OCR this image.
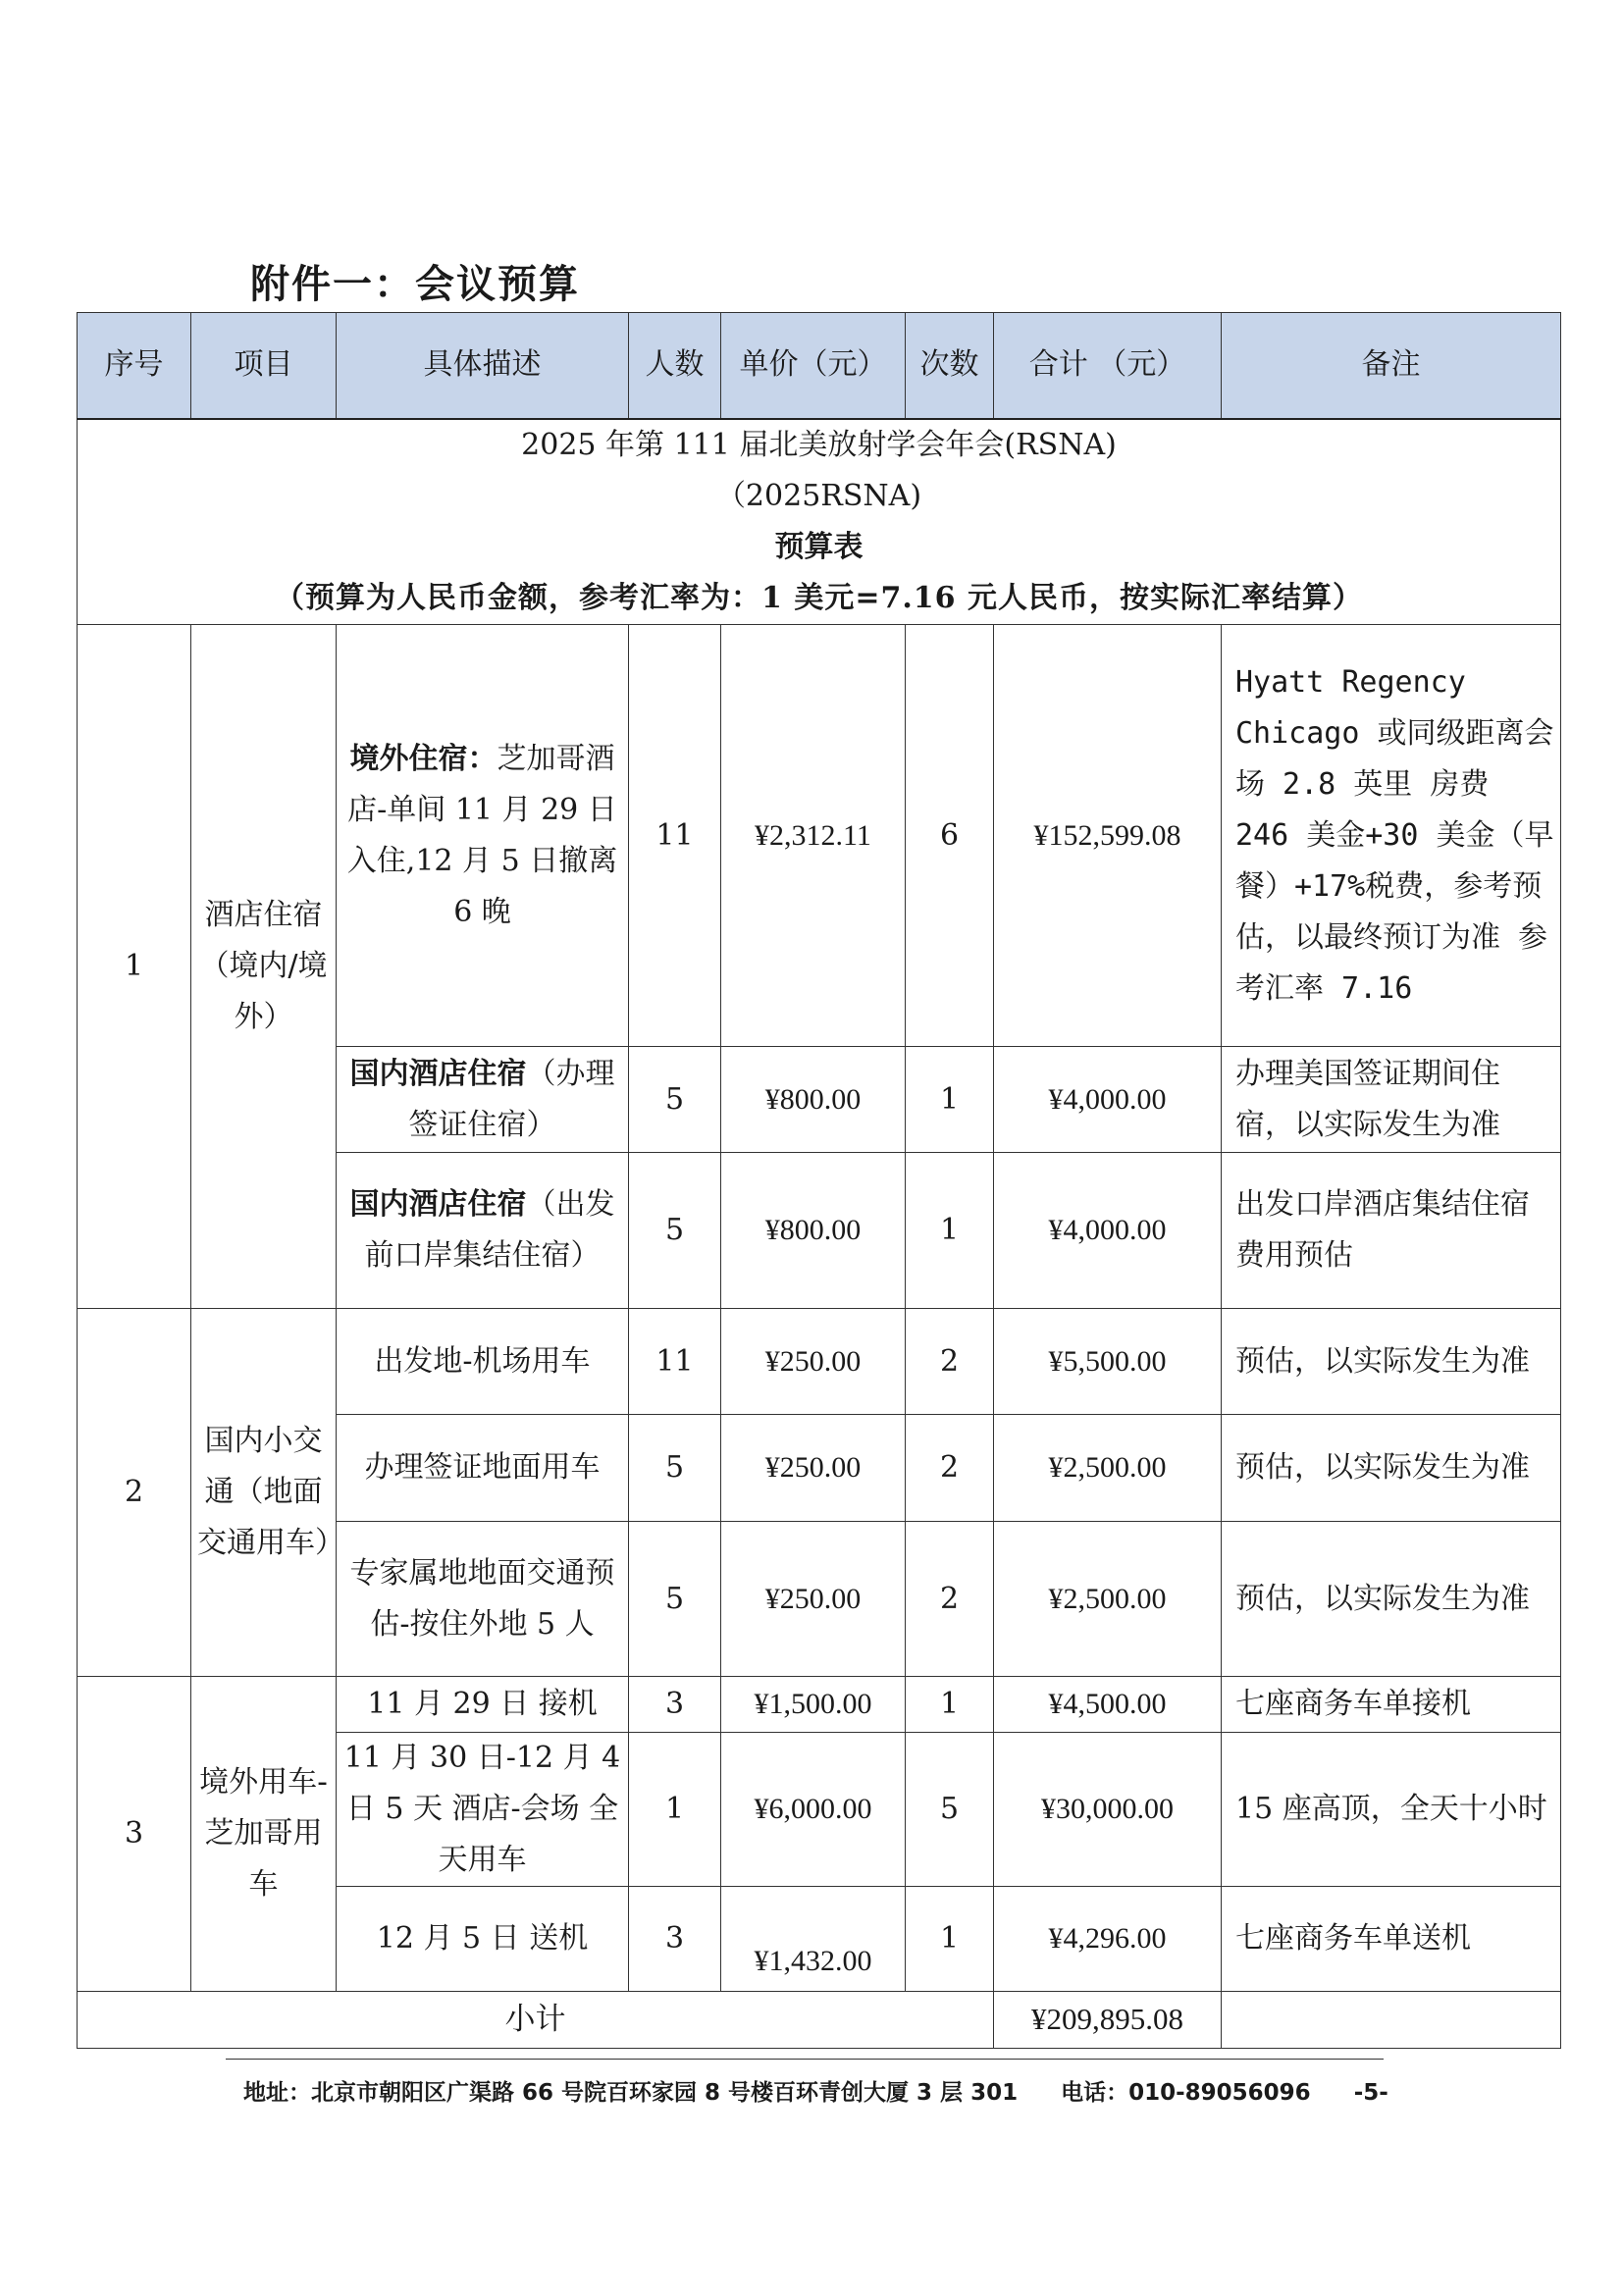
附件一：会议预算
2025 年第 111 届北美放射学会年会(RSNA)
（2025RSNA)
预算表
（预算为人民币金额，参考汇率为：1 美元=7.16 元人民币，按实际汇率结算）							

序号	项目	具体描述	人数	单价（元）	次数	合计 （元）	备注
1	酒店住宿（境内/境外）	境外住宿：芝加哥酒店-单间 11 月 29 日入住,12 月 5 日撤离 6 晚	11	¥2,312.11	6	¥152,599.08	Hyatt Regency Chicago 或同级距离会场 2.8 英里 房费 246 美金+30 美金（早餐）+17%税费，参考预估，以最终预订为准 参考汇率 7.16
		国内酒店住宿（办理签证住宿）	5	¥800.00	1	¥4,000.00	办理美国签证期间住宿，以实际发生为准
		国内酒店住宿（出发前口岸集结住宿）	5	¥800.00	1	¥4,000.00	出发口岸酒店集结住宿费用预估
2	国内小交通（地面交通用车）	出发地-机场用车	11	¥250.00	2	¥5,500.00	预估，以实际发生为准
		办理签证地面用车	5	¥250.00	2	¥2,500.00	预估，以实际发生为准
		专家属地地面交通预估-按住外地 5 人	5	¥250.00	2	¥2,500.00	预估，以实际发生为准
3	境外用车-芝加哥用车	11 月 29 日 接机	3	¥1,500.00	1	¥4,500.00	七座商务车单接机
		11 月 30 日-12 月 4 日 5 天 酒店-会场 全天用车	1	¥6,000.00	5	¥30,000.00	15 座高顶，全天十小时
		12 月 5 日 送机	3	¥1,432.00	1	¥4,296.00	七座商务车单送机
小计						¥209,895.08	
地址：北京市朝阳区广渠路 66 号院百环家园 8 号楼百环青创大厦 3 层 301 电话：010-89056096 -5-
